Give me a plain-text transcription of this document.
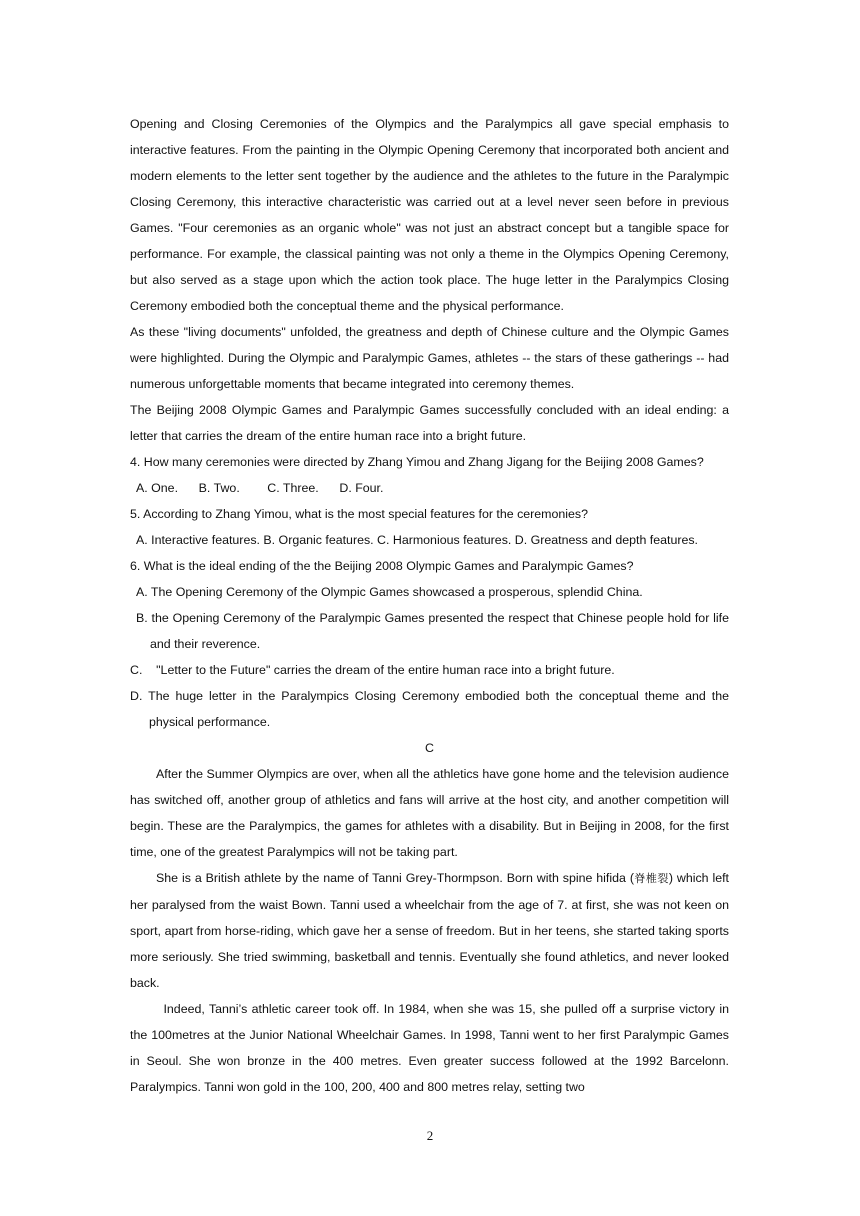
Opening and Closing Ceremonies of the Olympics and the Paralympics all gave special emphasis to interactive features. From the painting in the Olympic Opening Ceremony that incorporated both ancient and modern elements to the letter sent together by the audience and the athletes to the future in the Paralympic Closing Ceremony, this interactive characteristic was carried out at a level never seen before in previous Games. "Four ceremonies as an organic whole" was not just an abstract concept but a tangible space for performance. For example, the classical painting was not only a theme in the Olympics Opening Ceremony, but also served as a stage upon which the action took place. The huge letter in the Paralympics Closing Ceremony embodied both the conceptual theme and the physical performance.

As these "living documents" unfolded, the greatness and depth of Chinese culture and the Olympic Games were highlighted. During the Olympic and Paralympic Games, athletes -- the stars of these gatherings -- had numerous unforgettable moments that became integrated into ceremony themes.

The Beijing 2008 Olympic Games and Paralympic Games successfully concluded with an ideal ending: a letter that carries the dream of the entire human race into a bright future.

4. How many ceremonies were directed by Zhang Yimou and Zhang Jigang for the Beijing 2008 Games?

A. One.      B. Two.        C. Three.      D. Four.

5. According to Zhang Yimou, what is the most special features for the ceremonies?

A. Interactive features. B. Organic features. C. Harmonious features. D. Greatness and depth features.

6. What is the ideal ending of the the Beijing 2008 Olympic Games and Paralympic Games?

A. The Opening Ceremony of the Olympic Games showcased a prosperous, splendid China.

B. the Opening Ceremony of the Paralympic Games presented the respect that Chinese people hold for life and their reverence.

C.    "Letter to the Future" carries the dream of the entire human race into a bright future.

D. The huge letter in the Paralympics Closing Ceremony embodied both the conceptual theme and the physical performance.

C

After the Summer Olympics are over, when all the athletics have gone home and the television audience has switched off, another group of athletics and fans will arrive at the host city, and another competition will begin. These are the Paralympics, the games for athletes with a disability. But in Beijing in 2008, for the first time, one of the greatest Paralympics will not be taking part.

She is a British athlete by the name of Tanni Grey-Thormpson. Born with spine hifida (脊椎裂) which left her paralysed from the waist Bown. Tanni used a wheelchair from the age of 7. at first, she was not keen on sport, apart from horse-riding, which gave her a sense of freedom. But in her teens, she started taking sports more seriously. She tried swimming, basketball and tennis. Eventually she found athletics, and never looked back.

Indeed, Tanni’s athletic career took off. In 1984, when she was 15, she pulled off a surprise victory in the 100metres at the Junior National Wheelchair Games. In 1998, Tanni went to her first Paralympic Games in Seoul. She won bronze in the 400 metres. Even greater success followed at the 1992 Barcelonn. Paralympics. Tanni won gold in the 100, 200, 400 and 800 metres relay, setting two

2
